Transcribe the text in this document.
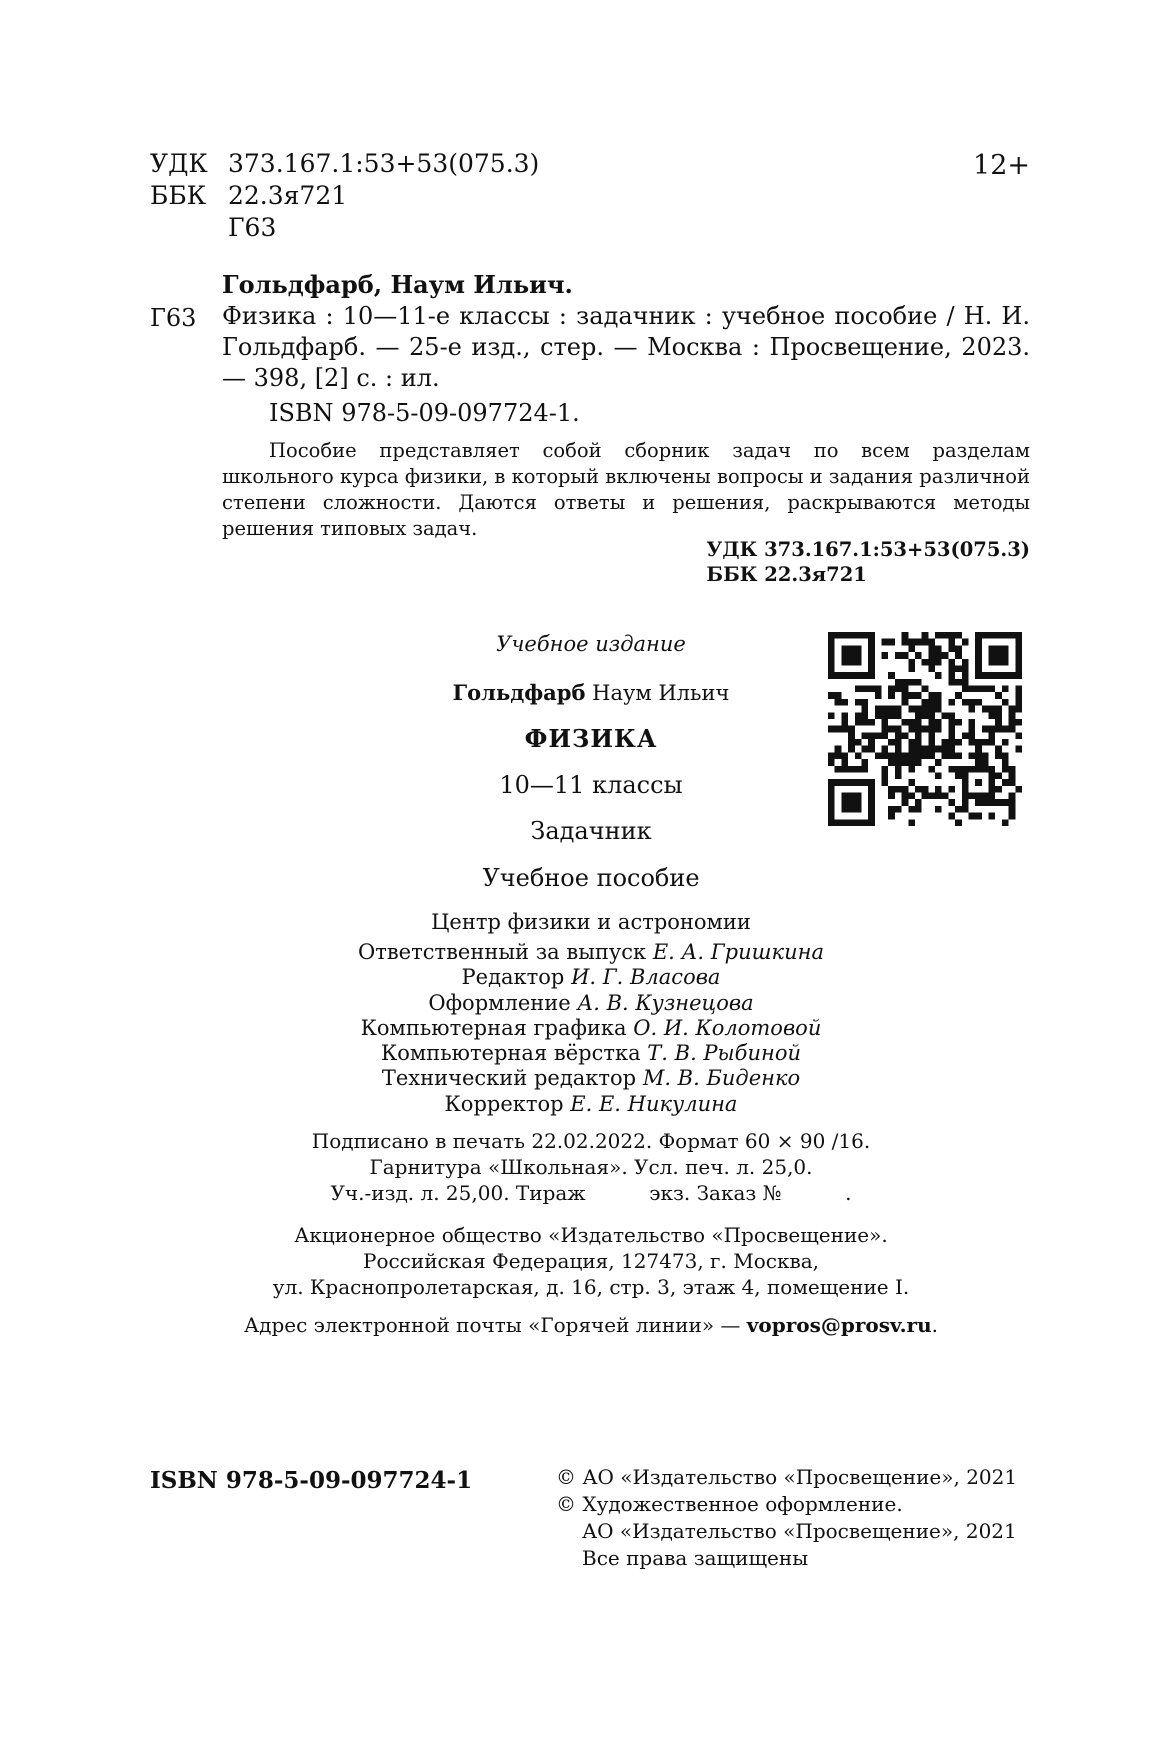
УДК 373.167.1:53+53(075.3)
ББК 22.3я721
Г63
12+
Гольдфарб, Наум Ильич.
Г63 Физика : 10—11-е классы : задачник : учебное пособие / Н. И. Гольдфарб. — 25-е изд., стер. — Москва : Просвещение, 2023. — 398, [2] с. : ил.
ISBN 978-5-09-097724-1.
Пособие представляет собой сборник задач по всем разделам школьного курса физики, в который включены вопросы и задания различной степени сложности. Даются ответы и решения, раскрываются методы решения типовых задач.
УДК 373.167.1:53+53(075.3)
ББК 22.3я721
Учебное издание
Гольдфарб Наум Ильич
ФИЗИКА
10—11 классы
Задачник
Учебное пособие
Центр физики и астрономии
Ответственный за выпуск Е. А. Гришкина
Редактор И. Г. Власова
Оформление А. В. Кузнецова
Компьютерная графика О. И. Колотовой
Компьютерная вёрстка Т. В. Рыбиной
Технический редактор М. В. Биденко
Корректор Е. Е. Никулина
Подписано в печать 22.02.2022. Формат 60 × 90 /16.
Гарнитура «Школьная». Усл. печ. л. 25,0.
Уч.-изд. л. 25,00. Тираж          экз. Заказ №          .
Акционерное общество «Издательство «Просвещение».
Российская Федерация, 127473, г. Москва,
ул. Краснопролетарская, д. 16, стр. 3, этаж 4, помещение I.
Адрес электронной почты «Горячей линии» — vopros@prosv.ru.
ISBN 978-5-09-097724-1	© АО «Издательство «Просвещение», 2021
© Художественное оформление.
АО «Издательство «Просвещение», 2021
Все права защищены
